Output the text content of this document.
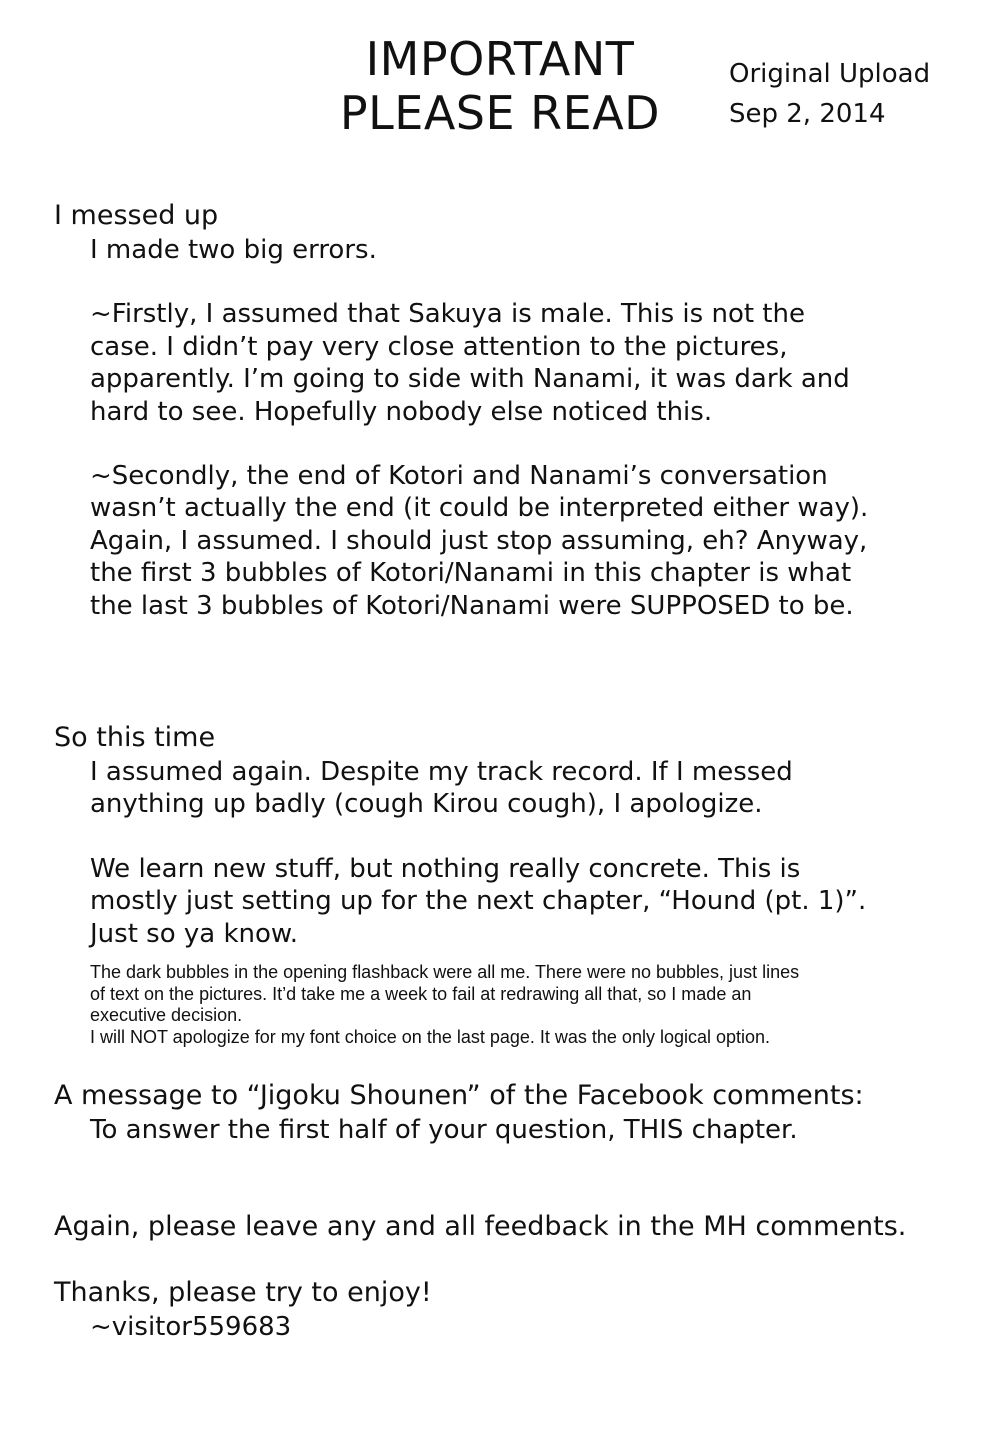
IMPORTANT
PLEASE READ
Original Upload
Sep 2, 2014

I messed up

I made two big errors.

~Firstly, I assumed that Sakuya is male. This is not the
case. I didn’t pay very close attention to the pictures,
apparently. I’m going to side with Nanami, it was dark and
hard to see. Hopefully nobody else noticed this.

~Secondly, the end of Kotori and Nanami’s conversation
wasn’t actually the end (it could be interpreted either way).
Again, I assumed. I should just stop assuming, eh? Anyway,
the first 3 bubbles of Kotori/Nanami in this chapter is what
the last 3 bubbles of Kotori/Nanami were SUPPOSED to be.

So this time

I assumed again. Despite my track record. If I messed
anything up badly (cough Kirou cough), I apologize.

We learn new stuff, but nothing really concrete. This is
mostly just setting up for the next chapter, “Hound (pt. 1)”.
Just so ya know.

The dark bubbles in the opening flashback were all me. There were no bubbles, just lines
of text on the pictures. It’d take me a week to fail at redrawing all that, so I made an
executive decision.
I will NOT apologize for my font choice on the last page. It was the only logical option.

A message to “Jigoku Shounen” of the Facebook comments:

To answer the first half of your question, THIS chapter.

Again, please leave any and all feedback in the MH comments.

Thanks, please try to enjoy!

~visitor559683
